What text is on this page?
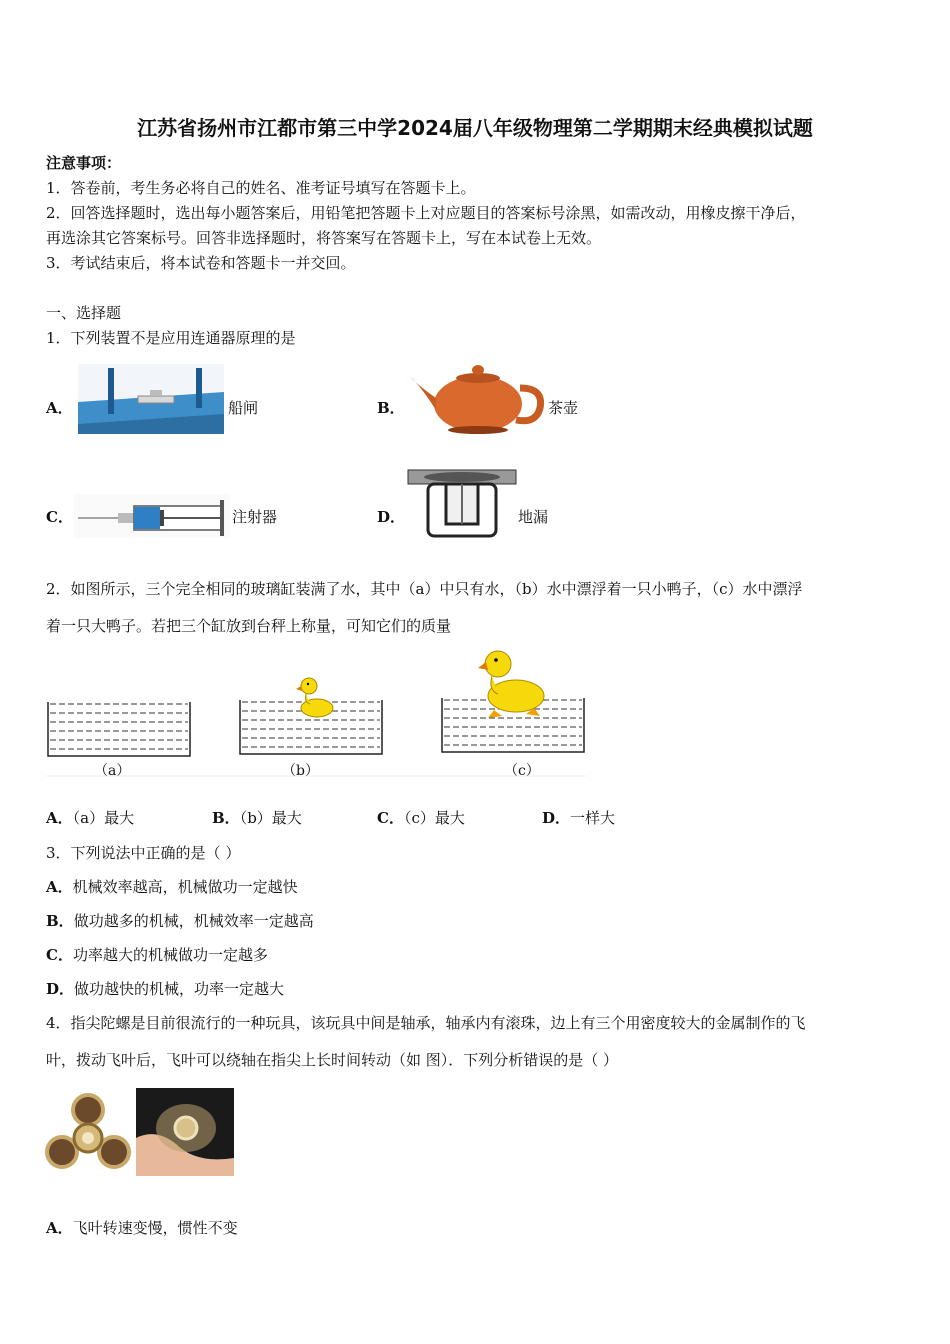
江苏省扬州市江都市第三中学2024届八年级物理第二学期期末经典模拟试题
注意事项：
1．答卷前，考生务必将自己的姓名、准考证号填写在答题卡上。
2．回答选择题时，选出每小题答案后，用铅笔把答题卡上对应题目的答案标号涂黑，如需改动，用橡皮擦干净后，
再选涂其它答案标号。回答非选择题时，将答案写在答题卡上，写在本试卷上无效。
3．考试结束后，将本试卷和答题卡一并交回。
一、选择题
1．下列装置不是应用连通器原理的是
A．	船闸	B．	茶壶
C．	注射器	D．	地漏
2．如图所示，三个完全相同的玻璃缸装满了水，其中（a）中只有水，（b）水中漂浮着一只小鸭子，（c）水中漂浮
着一只大鸭子。若把三个缸放到台秤上称量，可知它们的质量
（a）	（b）	（c）
A．（a）最大	B．（b）最大	C．（c）最大	D．一样大
3．下列说法中正确的是（ ）
A．机械效率越高，机械做功一定越快
B．做功越多的机械，机械效率一定越高
C．功率越大的机械做功一定越多
D．做功越快的机械，功率一定越大
4．指尖陀螺是目前很流行的一种玩具，该玩具中间是轴承，轴承内有滚珠，边上有三个用密度较大的金属制作的飞
叶，拨动飞叶后，飞叶可以绕轴在指尖上长时间转动（如 图）．下列分析错误的是（ ）
A．飞叶转速变慢，惯性不变
